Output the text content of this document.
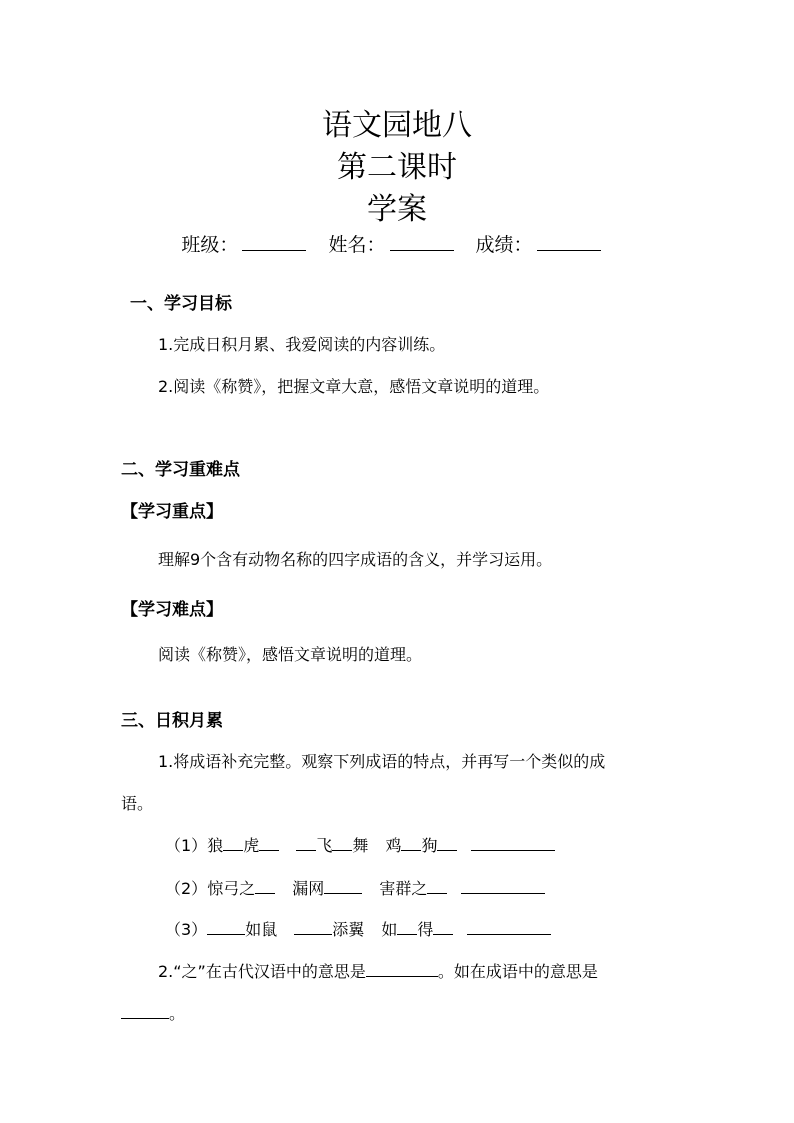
语文园地八
第二课时
学案
班级：	姓名：	成绩：
一、学习目标
1.完成日积月累、我爱阅读的内容训练。
2.阅读《称赞》，把握文章大意，感悟文章说明的道理。
二、学习重难点
【学习重点】
理解9个含有动物名称的四字成语的含义，并学习运用。
【学习难点】
阅读《称赞》，感悟文章说明的道理。
三、日积月累
1.将成语补充完整。观察下列成语的特点，并再写一个类似的成
语。
（1）狼 虎	飞 舞 鸡 狗
（2）惊弓之 漏网	害群之
（3） 如鼠	添翼 如 得
2.“之”在古代汉语中的意思是	。如在成语中的意思是
。
